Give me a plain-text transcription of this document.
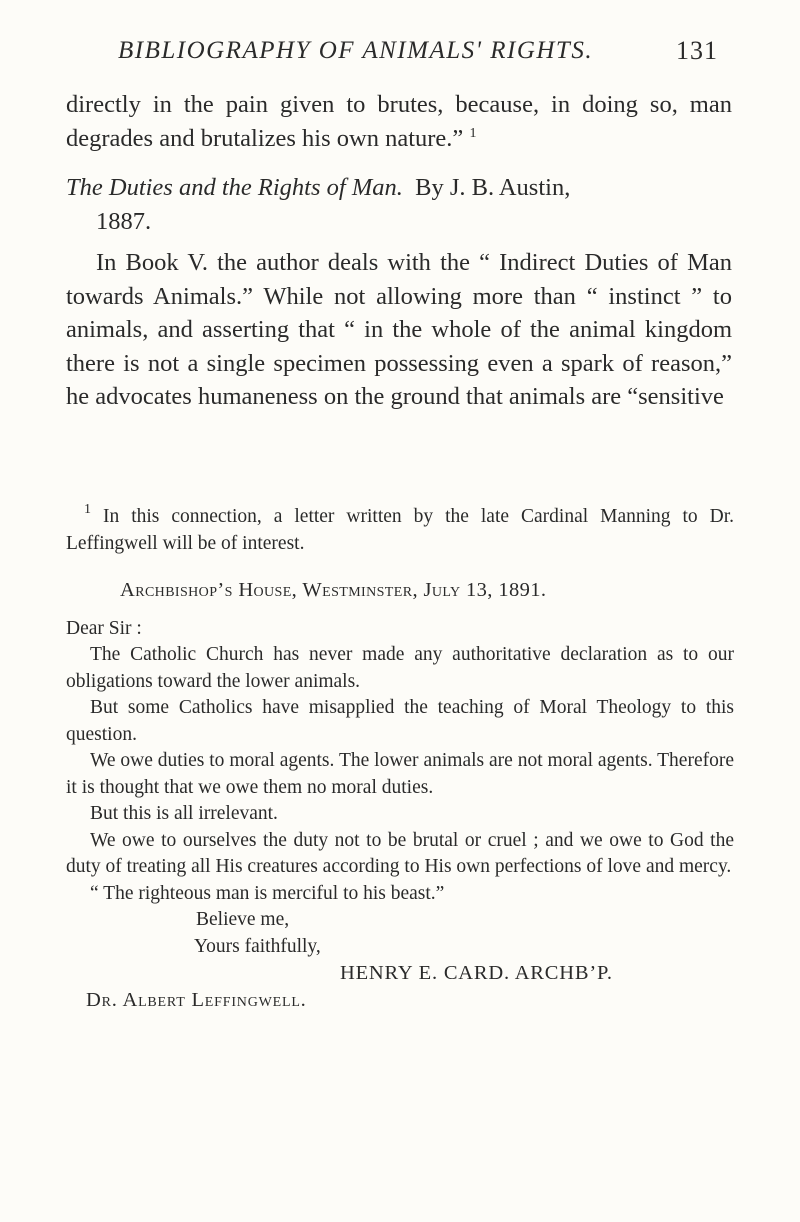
BIBLIOGRAPHY OF ANIMALS' RIGHTS.	131

directly in the pain given to brutes, because, in doing so, man degrades and brutalizes his own nature.” $^1$

The Duties and the Rights of Man. By J. B. Austin,
1887.

In Book V. the author deals with the “ Indirect Duties of Man towards Animals.” While not allowing more than “ instinct ” to animals, and asserting that “ in the whole of the animal kingdom there is not a single specimen possessing even a spark of reason,” he advocates humaneness on the ground that animals are “sensitive

$^1$ In this connection, a letter written by the late Cardinal Manning to Dr. Leffingwell will be of interest.

Archbishop’s House, Westminster, July 13, 1891.

Dear Sir :

The Catholic Church has never made any authoritative declaration as to our obligations toward the lower animals.

But some Catholics have misapplied the teaching of Moral Theology to this question.

We owe duties to moral agents. The lower animals are not moral agents. Therefore it is thought that we owe them no moral duties.

But this is all irrelevant.

We owe to ourselves the duty not to be brutal or cruel ; and we owe to God the duty of treating all His creatures according to His own perfections of love and mercy.

“ The righteous man is merciful to his beast.”

Believe me,

Yours faithfully,

HENRY E. CARD. ARCHB’P.

Dr. Albert Leffingwell.
